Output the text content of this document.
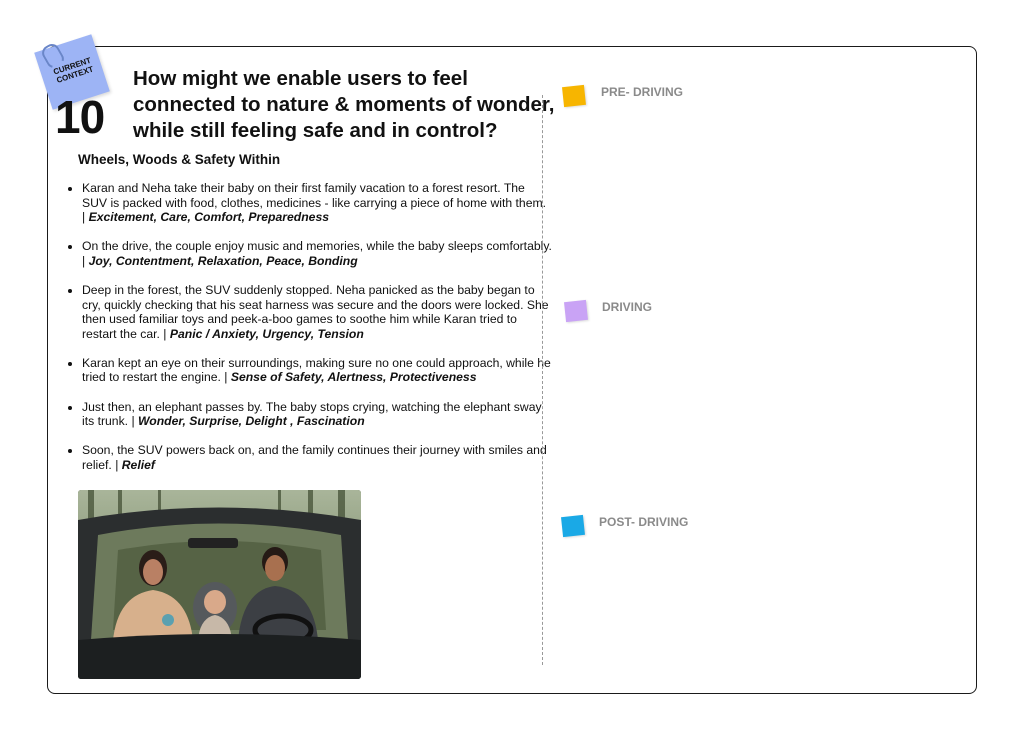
CURRENT CONTEXT
10
How might we enable users to feel connected to nature & moments of wonder, while still feeling safe and in control?
Wheels, Woods & Safety Within
• Karan and Neha take their baby on their first family vacation to a forest resort. The SUV is packed with food, clothes, medicines - like carrying a piece of home with them. | Excitement, Care, Comfort, Preparedness
• On the drive, the couple enjoy music and memories, while the baby sleeps comfortably. | Joy, Contentment, Relaxation, Peace, Bonding
• Deep in the forest, the SUV suddenly stopped. Neha panicked as the baby began to cry, quickly checking that his seat harness was secure and the doors were locked. She then used familiar toys and peek-a-boo games to soothe him while Karan tried to restart the car. | Panic / Anxiety, Urgency, Tension
• Karan kept an eye on their surroundings, making sure no one could approach, while he tried to restart the engine. | Sense of Safety, Alertness, Protectiveness
• Just then, an elephant passes by. The baby stops crying, watching the elephant sway its trunk. | Wonder, Surprise, Delight , Fascination
• Soon, the SUV powers back on, and the family continues their journey with smiles and relief. | Relief
PRE- DRIVING
DRIVING
POST- DRIVING
